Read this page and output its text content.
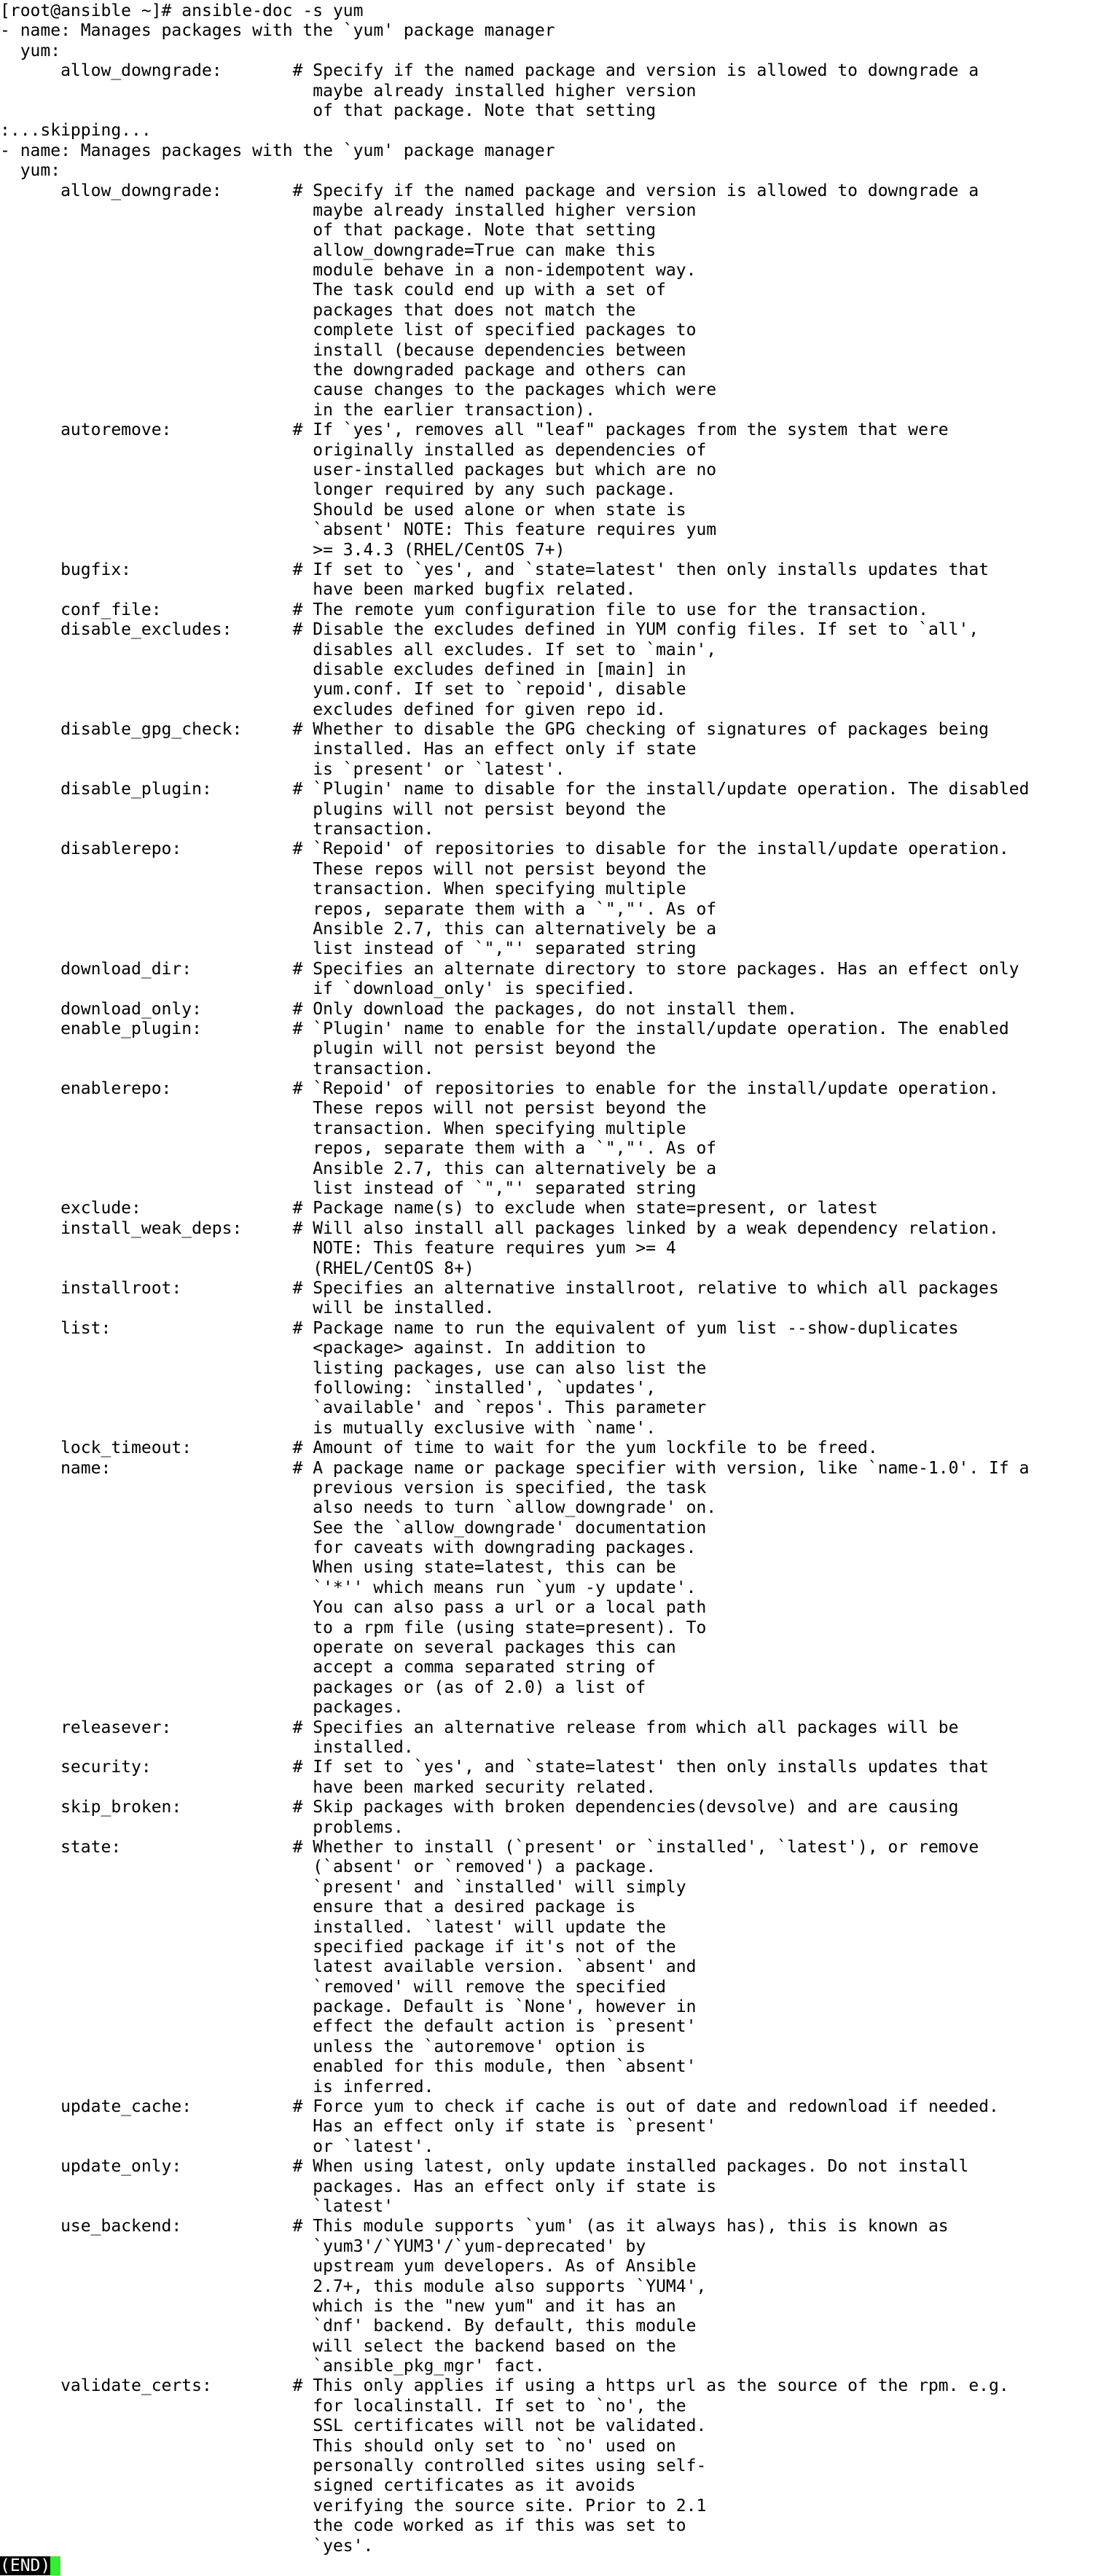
[root@ansible ~]# ansible-doc -s yum
- name: Manages packages with the `yum' package manager
yum:
allow_downgrade:       # Specify if the named package and version is allowed to downgrade a
maybe already installed higher version
of that package. Note that setting
:...skipping...
- name: Manages packages with the `yum' package manager
yum:
allow_downgrade:       # Specify if the named package and version is allowed to downgrade a
maybe already installed higher version
of that package. Note that setting
allow_downgrade=True can make this
module behave in a non-idempotent way.
The task could end up with a set of
packages that does not match the
complete list of specified packages to
install (because dependencies between
the downgraded package and others can
cause changes to the packages which were
in the earlier transaction).
autoremove:            # If `yes', removes all "leaf" packages from the system that were
originally installed as dependencies of
user-installed packages but which are no
longer required by any such package.
Should be used alone or when state is
`absent' NOTE: This feature requires yum
>= 3.4.3 (RHEL/CentOS 7+)
bugfix:                # If set to `yes', and `state=latest' then only installs updates that
have been marked bugfix related.
conf_file:             # The remote yum configuration file to use for the transaction.
disable_excludes:      # Disable the excludes defined in YUM config files. If set to `all',
disables all excludes. If set to `main',
disable excludes defined in [main] in
yum.conf. If set to `repoid', disable
excludes defined for given repo id.
disable_gpg_check:     # Whether to disable the GPG checking of signatures of packages being
installed. Has an effect only if state
is `present' or `latest'.
disable_plugin:        # `Plugin' name to disable for the install/update operation. The disabled
plugins will not persist beyond the
transaction.
disablerepo:           # `Repoid' of repositories to disable for the install/update operation.
These repos will not persist beyond the
transaction. When specifying multiple
repos, separate them with a `","'. As of
Ansible 2.7, this can alternatively be a
list instead of `","' separated string
download_dir:          # Specifies an alternate directory to store packages. Has an effect only
if `download_only' is specified.
download_only:         # Only download the packages, do not install them.
enable_plugin:         # `Plugin' name to enable for the install/update operation. The enabled
plugin will not persist beyond the
transaction.
enablerepo:            # `Repoid' of repositories to enable for the install/update operation.
These repos will not persist beyond the
transaction. When specifying multiple
repos, separate them with a `","'. As of
Ansible 2.7, this can alternatively be a
list instead of `","' separated string
exclude:               # Package name(s) to exclude when state=present, or latest
install_weak_deps:     # Will also install all packages linked by a weak dependency relation.
NOTE: This feature requires yum >= 4
(RHEL/CentOS 8+)
installroot:           # Specifies an alternative installroot, relative to which all packages
will be installed.
list:                  # Package name to run the equivalent of yum list --show-duplicates
<package> against. In addition to
listing packages, use can also list the
following: `installed', `updates',
`available' and `repos'. This parameter
is mutually exclusive with `name'.
lock_timeout:          # Amount of time to wait for the yum lockfile to be freed.
name:                  # A package name or package specifier with version, like `name-1.0'. If a
previous version is specified, the task
also needs to turn `allow_downgrade' on.
See the `allow_downgrade' documentation
for caveats with downgrading packages.
When using state=latest, this can be
`'*'' which means run `yum -y update'.
You can also pass a url or a local path
to a rpm file (using state=present). To
operate on several packages this can
accept a comma separated string of
packages or (as of 2.0) a list of
packages.
releasever:            # Specifies an alternative release from which all packages will be
installed.
security:              # If set to `yes', and `state=latest' then only installs updates that
have been marked security related.
skip_broken:           # Skip packages with broken dependencies(devsolve) and are causing
problems.
state:                 # Whether to install (`present' or `installed', `latest'), or remove
(`absent' or `removed') a package.
`present' and `installed' will simply
ensure that a desired package is
installed. `latest' will update the
specified package if it's not of the
latest available version. `absent' and
`removed' will remove the specified
package. Default is `None', however in
effect the default action is `present'
unless the `autoremove' option is
enabled for this module, then `absent'
is inferred.
update_cache:          # Force yum to check if cache is out of date and redownload if needed.
Has an effect only if state is `present'
or `latest'.
update_only:           # When using latest, only update installed packages. Do not install
packages. Has an effect only if state is
`latest'
use_backend:           # This module supports `yum' (as it always has), this is known as
`yum3'/`YUM3'/`yum-deprecated' by
upstream yum developers. As of Ansible
2.7+, this module also supports `YUM4',
which is the "new yum" and it has an
`dnf' backend. By default, this module
will select the backend based on the
`ansible_pkg_mgr' fact.
validate_certs:        # This only applies if using a https url as the source of the rpm. e.g.
for localinstall. If set to `no', the
SSL certificates will not be validated.
This should only set to `no' used on
personally controlled sites using self-
signed certificates as it avoids
verifying the source site. Prior to 2.1
the code worked as if this was set to
`yes'.
(END)
